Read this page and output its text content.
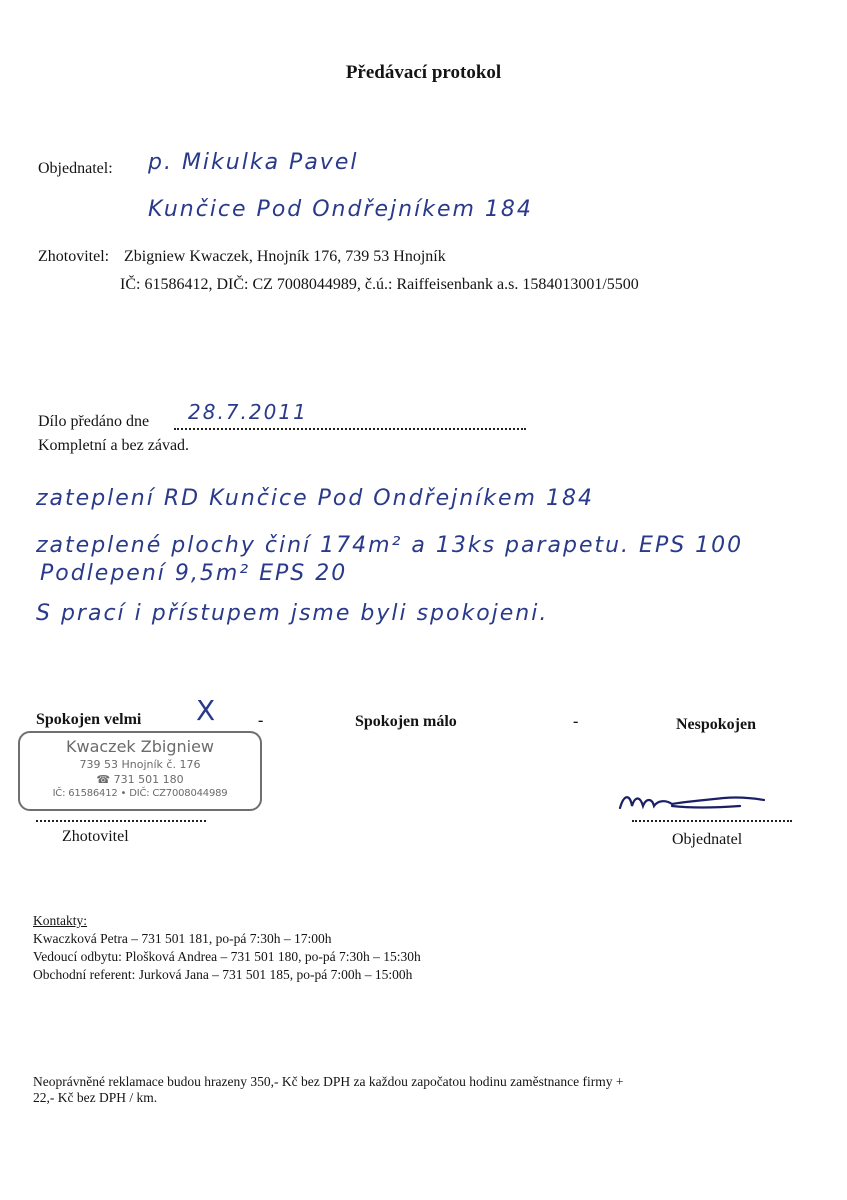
Předávací protokol
Objednatel: p. Mikulka Pavel
Kunčice Pod Ondřejníkem 184
Zhotovitel: Zbigniew Kwaczek, Hnojník 176, 739 53 Hnojník
IČ: 61586412, DIČ: CZ 7008044989, č.ú.: Raiffeisenbank a.s. 1584013001/5500
Dílo předáno dne 28.7.2011
Kompletní a bez závad.
zateplení RD Kunčice Pod Ondřejníkem 184
zateplené plochy činí 174m² a 13ks parapetu. EPS 100
Podlepení 9,5m² EPS 20
S prací i přístupem jsme byli spokojeni.
Spokojen velmi X	-	Spokojen málo	-	Nespokojen
Kwaczek Zbigniew
739 53 Hnojník č. 176
☎ 731 501 180
IČ: 61586412 • DIČ: CZ7008044989
Zhotovitel	Objednatel
Kontakty:
Kwaczková Petra – 731 501 181, po-pá 7:30h – 17:00h
Vedoucí odbytu: Plošková Andrea – 731 501 180, po-pá 7:30h – 15:30h
Obchodní referent: Jurková Jana – 731 501 185, po-pá 7:00h – 15:00h
Neoprávněné reklamace budou hrazeny 350,- Kč bez DPH za každou započatou hodinu zaměstnance firmy +
22,- Kč bez DPH / km.
